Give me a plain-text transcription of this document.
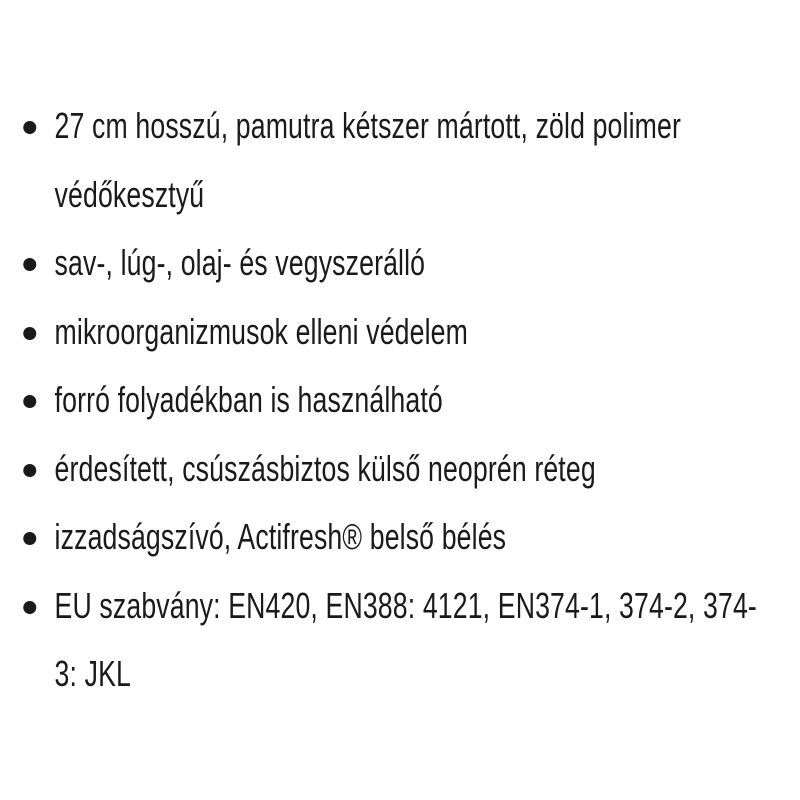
27 cm hosszú, pamutra kétszer mártott, zöld polimer védőkesztyű
sav-, lúg-, olaj- és vegyszerálló
mikroorganizmusok elleni védelem
forró folyadékban is használható
érdesített, csúszásbiztos külső neoprén réteg
izzadságszívó, Actifresh® belső bélés
EU szabvány: EN420, EN388: 4121, EN374-1, 374-2, 374-3: JKL
